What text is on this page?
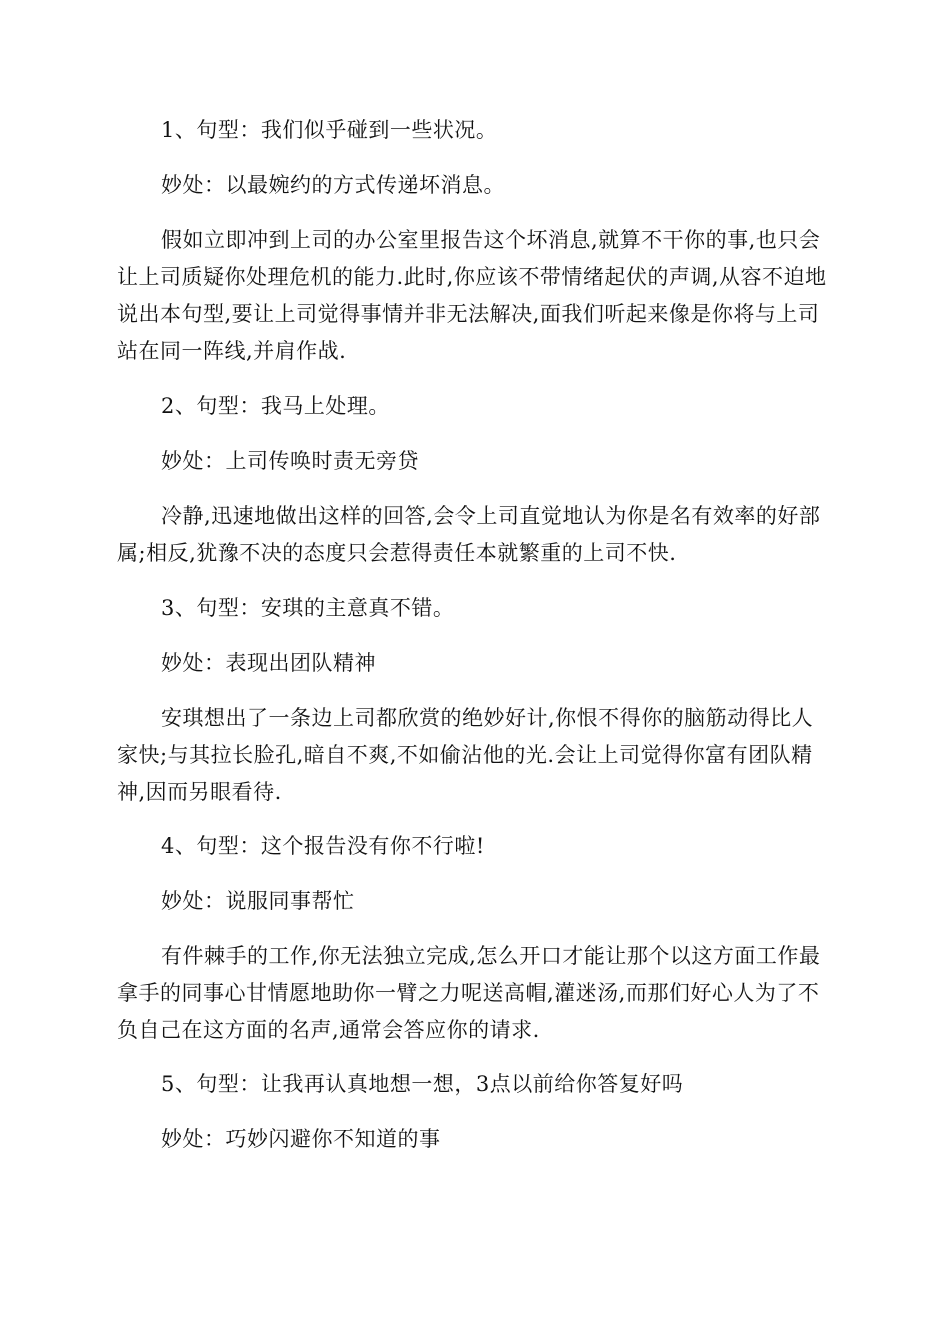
1、句型：我们似乎碰到一些状况。

妙处：以最婉约的方式传递坏消息。

假如立即冲到上司的办公室里报告这个坏消息,就算不干你的事,也只会让上司质疑你处理危机的能力.此时,你应该不带情绪起伏的声调,从容不迫地说出本句型,要让上司觉得事情并非无法解决,面我们听起来像是你将与上司站在同一阵线,并肩作战.

2、句型：我马上处理。

妙处：上司传唤时责无旁贷

冷静,迅速地做出这样的回答,会令上司直觉地认为你是名有效率的好部属;相反,犹豫不决的态度只会惹得责任本就繁重的上司不快.

3、句型：安琪的主意真不错。

妙处：表现出团队精神

安琪想出了一条边上司都欣赏的绝妙好计,你恨不得你的脑筋动得比人家快;与其拉长脸孔,暗自不爽,不如偷沾他的光.会让上司觉得你富有团队精神,因而另眼看待.

4、句型：这个报告没有你不行啦!

妙处：说服同事帮忙

有件棘手的工作,你无法独立完成,怎么开口才能让那个以这方面工作最拿手的同事心甘情愿地助你一臂之力呢送高帽,灌迷汤,而那们好心人为了不负自己在这方面的名声,通常会答应你的请求.

5、句型：让我再认真地想一想，3点以前给你答复好吗

妙处：巧妙闪避你不知道的事
